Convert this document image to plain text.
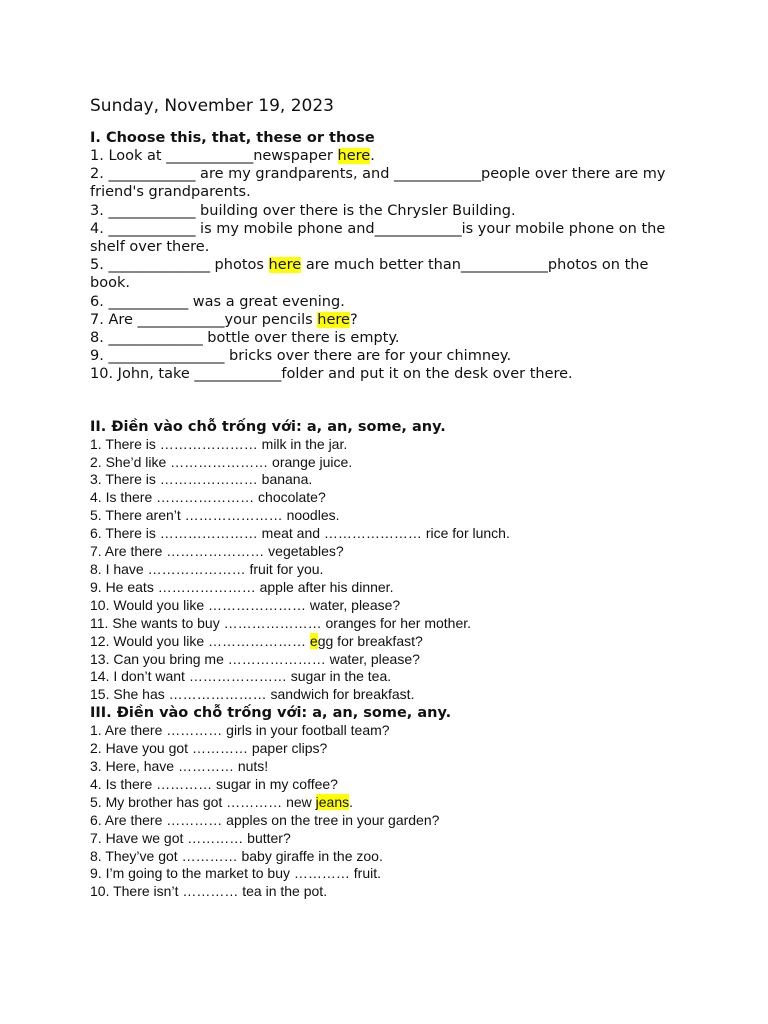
Sunday, November 19, 2023
I. Choose this, that, these or those

1. Look at ____________newspaper here.

2. ____________ are my grandparents, and ____________people over there are my friend's grandparents.

3. ____________ building over there is the Chrysler Building.

4. ____________ is my mobile phone and____________is your mobile phone on the shelf over there.

5. ______________ photos here are much better than____________photos on the book.

6. ___________ was a great evening.

7. Are ____________your pencils here?

8. _____________ bottle over there is empty.

9. ________________ bricks over there are for your chimney.

10. John, take ____________folder and put it on the desk over there.

II. Điền vào chỗ trống với: a, an, some, any.

1. There is ………………… milk in the jar.

2. She’d like ………………… orange juice.

3. There is ………………… banana.

4. Is there ………………… chocolate?

5. There aren’t ………………… noodles.

6. There is ………………… meat and ………………… rice for lunch.

7. Are there ………………… vegetables?

8. I have ………………… fruit for you.

9. He eats ………………… apple after his dinner.

10. Would you like ………………… water, please?

11. She wants to buy ………………… oranges for her mother.

12. Would you like ………………… egg for breakfast?

13. Can you bring me ………………… water, please?

14. I don’t want ………………… sugar in the tea.

15. She has ………………… sandwich for breakfast.

III. Điền vào chỗ trống với: a, an, some, any.

1. Are there ………… girls in your football team?

2. Have you got ………… paper clips?

3. Here, have ………… nuts!

4. Is there ………… sugar in my coffee?

5. My brother has got ………… new jeans.

6. Are there ………… apples on the tree in your garden?

7. Have we got ………… butter?

8. They’ve got ………… baby giraffe in the zoo.

9. I’m going to the market to buy ………… fruit.

10. There isn’t ………… tea in the pot.
